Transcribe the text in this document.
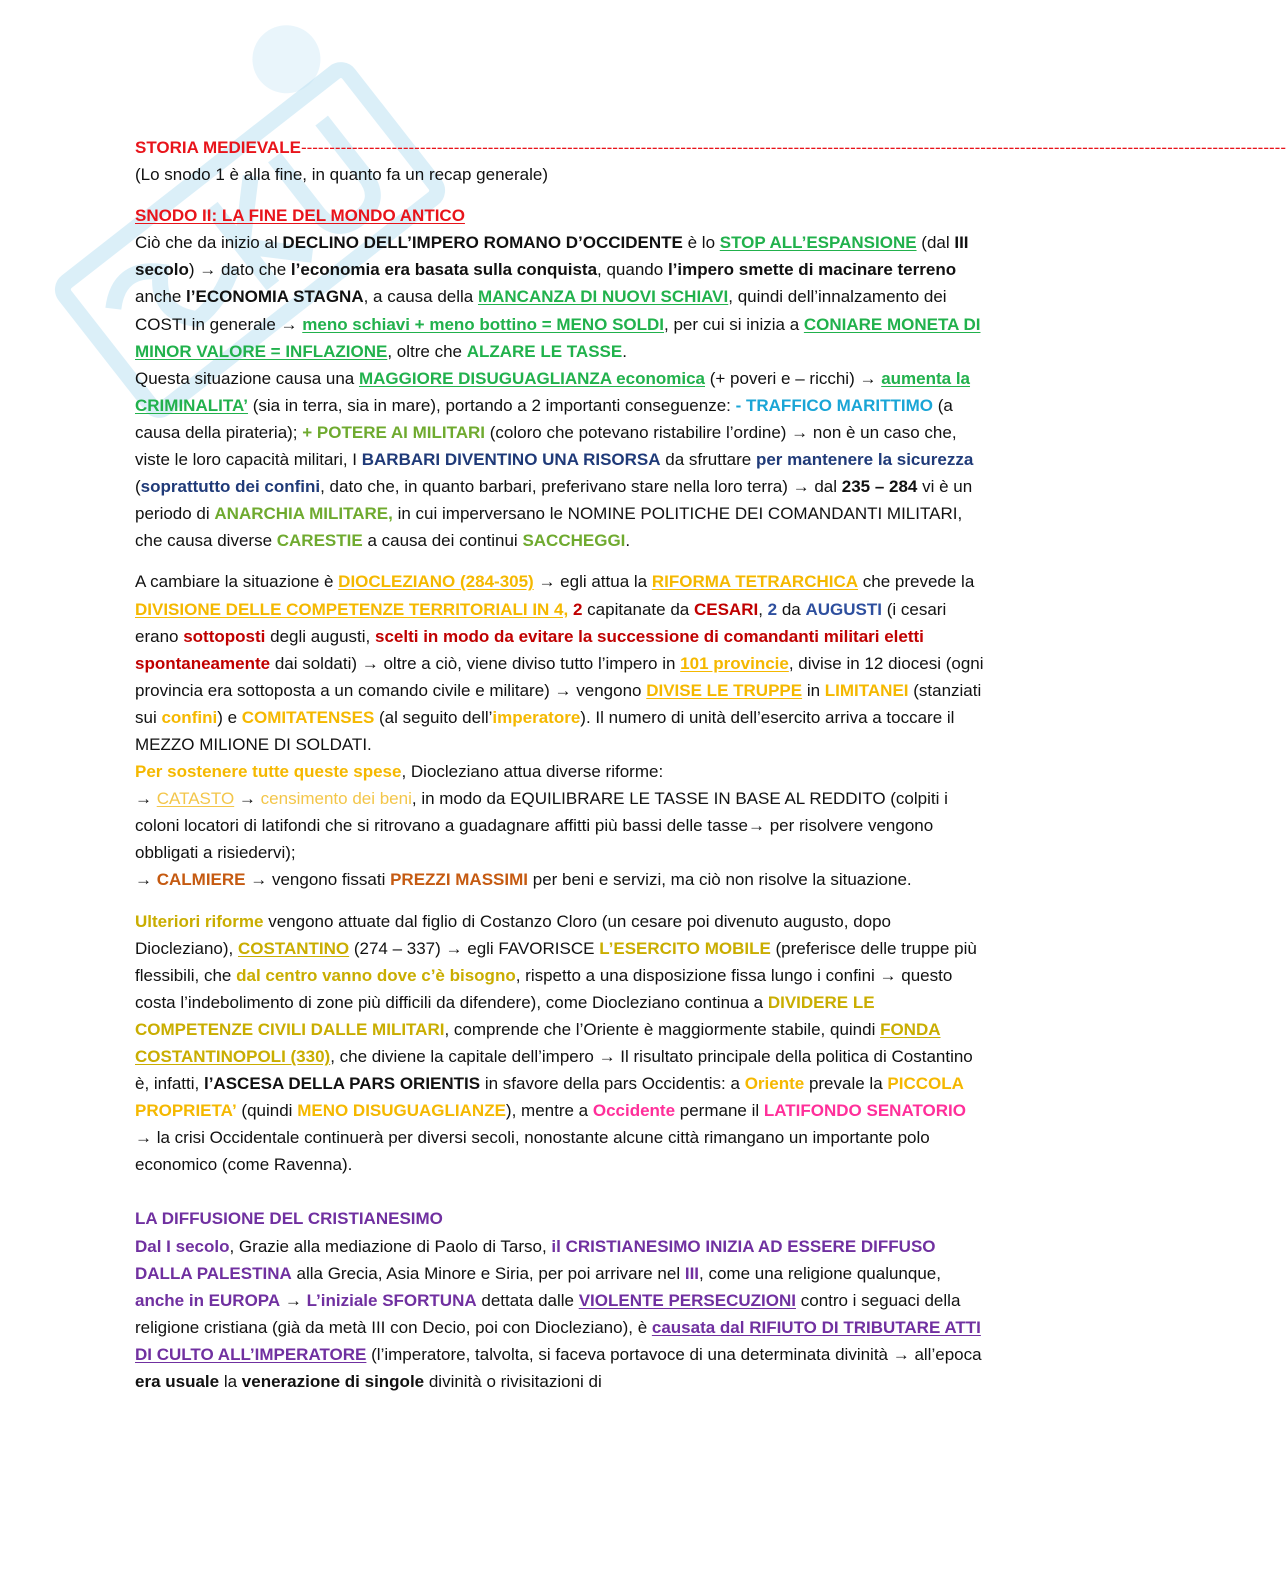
STORIA MEDIEVALE------------------------------------------------------------------------------------------------------------------------------------------------------------------------------

(Lo snodo 1 è alla fine, in quanto fa un recap generale)

SNODO II: LA FINE DEL MONDO ANTICO

Ciò che da inizio al DECLINO DELL’IMPERO ROMANO D’OCCIDENTE è lo STOP ALL’ESPANSIONE (dal III secolo) → dato che l’economia era basata sulla conquista, quando l’impero smette di macinare terreno anche l’ECONOMIA STAGNA, a causa della MANCANZA DI NUOVI SCHIAVI, quindi dell’innalzamento dei COSTI in generale → meno schiavi + meno bottino = MENO SOLDI, per cui si inizia a CONIARE MONETA DI MINOR VALORE = INFLAZIONE, oltre che ALZARE LE TASSE.
Questa situazione causa una MAGGIORE DISUGUAGLIANZA economica (+ poveri e – ricchi) → aumenta la CRIMINALITA’ (sia in terra, sia in mare), portando a 2 importanti conseguenze: - TRAFFICO MARITTIMO (a causa della pirateria); + POTERE AI MILITARI (coloro che potevano ristabilire l’ordine) → non è un caso che, viste le loro capacità militari, I BARBARI DIVENTINO UNA RISORSA da sfruttare per mantenere la sicurezza (soprattutto dei confini, dato che, in quanto barbari, preferivano stare nella loro terra) → dal 235 – 284 vi è un periodo di ANARCHIA MILITARE, in cui imperversano le NOMINE POLITICHE DEI COMANDANTI MILITARI, che causa diverse CARESTIE a causa dei continui SACCHEGGI.

A cambiare la situazione è DIOCLEZIANO (284-305) → egli attua la RIFORMA TETRARCHICA che prevede la DIVISIONE DELLE COMPETENZE TERRITORIALI IN 4, 2 capitanate da CESARI, 2 da AUGUSTI (i cesari erano sottoposti degli augusti, scelti in modo da evitare la successione di comandanti militari eletti spontaneamente dai soldati) → oltre a ciò, viene diviso tutto l’impero in 101 provincie, divise in 12 diocesi (ogni provincia era sottoposta a un comando civile e militare) → vengono DIVISE LE TRUPPE in LIMITANEI (stanziati sui confini) e COMITATENSES (al seguito dell’imperatore). Il numero di unità dell’esercito arriva a toccare il MEZZO MILIONE DI SOLDATI.
Per sostenere tutte queste spese, Diocleziano attua diverse riforme:
→ CATASTO → censimento dei beni, in modo da EQUILIBRARE LE TASSE IN BASE AL REDDITO (colpiti i coloni locatori di latifondi che si ritrovano a guadagnare affitti più bassi delle tasse→ per risolvere vengono obbligati a risiedervi);
→ CALMIERE → vengono fissati PREZZI MASSIMI per beni e servizi, ma ciò non risolve la situazione.

Ulteriori riforme vengono attuate dal figlio di Costanzo Cloro (un cesare poi divenuto augusto, dopo Diocleziano), COSTANTINO (274 – 337) → egli FAVORISCE L’ESERCITO MOBILE (preferisce delle truppe più flessibili, che dal centro vanno dove c’è bisogno, rispetto a una disposizione fissa lungo i confini → questo costa l’indebolimento di zone più difficili da difendere), come Diocleziano continua a DIVIDERE LE COMPETENZE CIVILI DALLE MILITARI, comprende che l’Oriente è maggiormente stabile, quindi FONDA COSTANTINOPOLI (330), che diviene la capitale dell’impero → Il risultato principale della politica di Costantino è, infatti, l’ASCESA DELLA PARS ORIENTIS in sfavore della pars Occidentis: a Oriente prevale la PICCOLA PROPRIETA’ (quindi MENO DISUGUAGLIANZE), mentre a Occidente permane il LATIFONDO SENATORIO → la crisi Occidentale continuerà per diversi secoli, nonostante alcune città rimangano un importante polo economico (come Ravenna).

LA DIFFUSIONE DEL CRISTIANESIMO

Dal I secolo, Grazie alla mediazione di Paolo di Tarso, il CRISTIANESIMO INIZIA AD ESSERE DIFFUSO DALLA PALESTINA alla Grecia, Asia Minore e Siria, per poi arrivare nel III, come una religione qualunque, anche in EUROPA → L’iniziale SFORTUNA dettata dalle VIOLENTE PERSECUZIONI contro i seguaci della religione cristiana (già da metà III con Decio, poi con Diocleziano), è causata dal RIFIUTO DI TRIBUTARE ATTI DI CULTO ALL’IMPERATORE (l’imperatore, talvolta, si faceva portavoce di una determinata divinità → all’epoca era usuale la venerazione di singole divinità o rivisitazioni di
